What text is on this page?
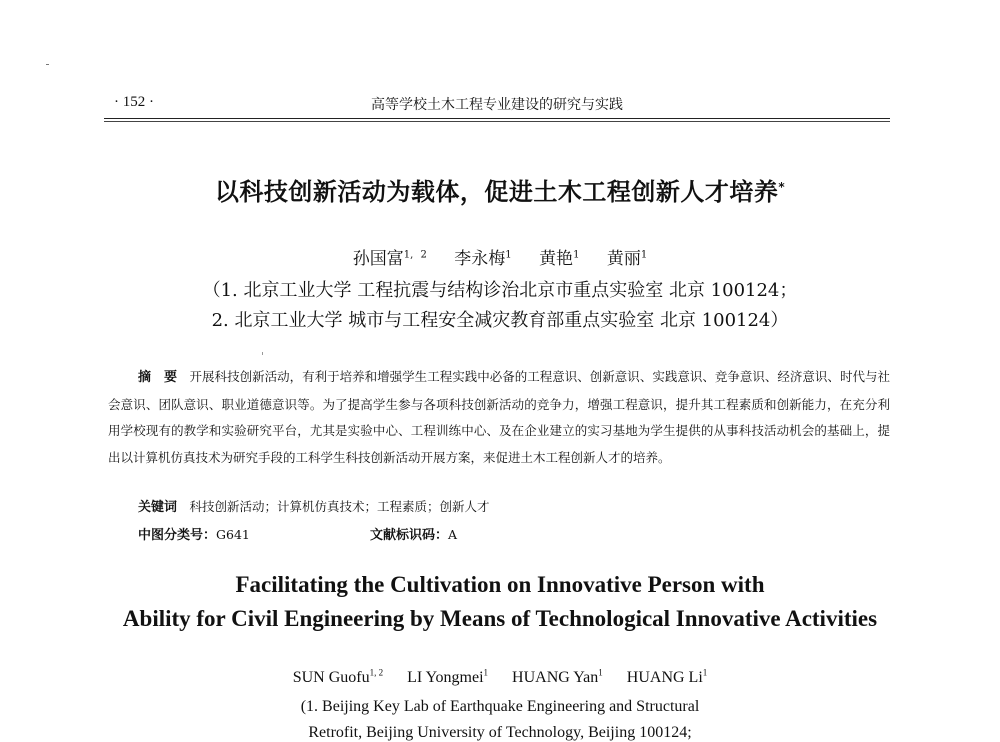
· 152 ·	高等学校土木工程专业建设的研究与实践
以科技创新活动为载体，促进土木工程创新人才培养*
孙国富$^{1, 2}$ 李永梅$^1$ 黄艳$^1$ 黄丽$^1$
（1. 北京工业大学 工程抗震与结构诊治北京市重点实验室 北京 100124；
2. 北京工业大学 城市与工程安全减灾教育部重点实验室 北京 100124）
摘　要　 开展科技创新活动，有利于培养和增强学生工程实践中必备的工程意识、创新意识、实践意识、竞争意识、经济意识、时代与社会意识、团队意识、职业道德意识等。为了提高学生参与各项科技创新活动的竞争力，增强工程意识，提升其工程素质和创新能力，在充分利用学校现有的教学和实验研究平台，尤其是实验中心、工程训练中心、及在企业建立的实习基地为学生提供的从事科技活动机会的基础上，提出以计算机仿真技术为研究手段的工科学生科技创新活动开展方案，来促进土木工程创新人才的培养。
关键词　 科技创新活动；计算机仿真技术；工程素质；创新人才
中图分类号：G641	文献标识码：A
Facilitating the Cultivation on Innovative Person with
Ability for Civil Engineering by Means of Technological Innovative Activities
SUN Guofu$^{1, 2}$ LI Yongmei$^1$ HUANG Yan$^1$ HUANG Li$^1$
(1. Beijing Key Lab of Earthquake Engineering and Structural
Retrofit, Beijing University of Technology, Beijing 100124;
